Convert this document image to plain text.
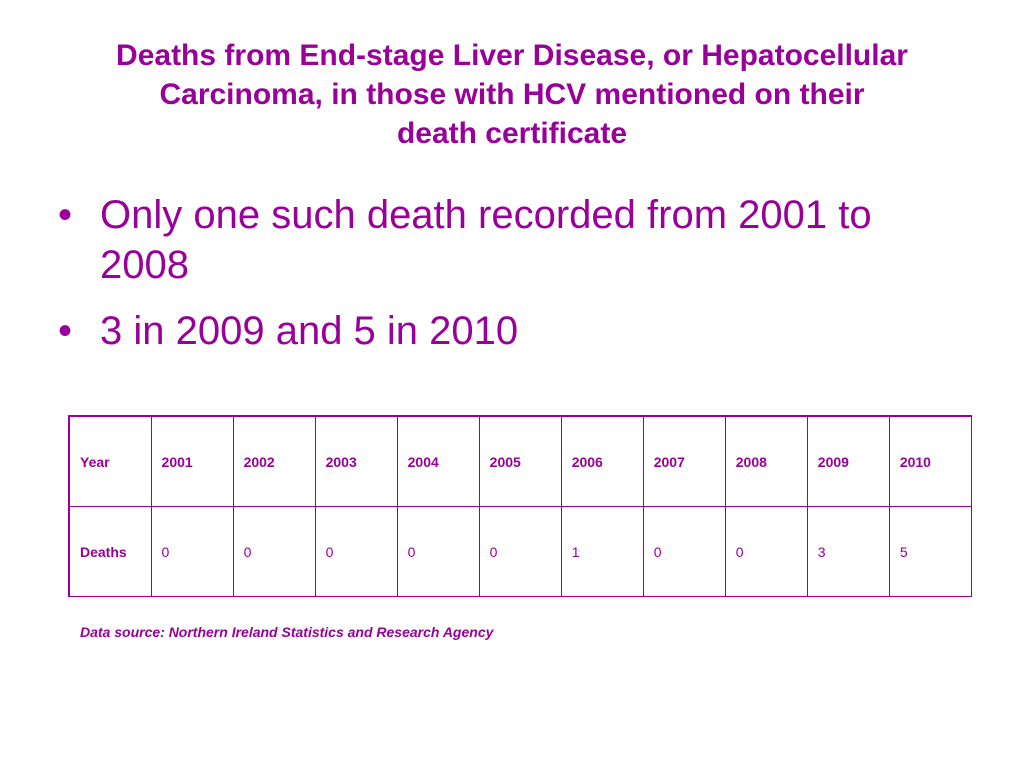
Deaths from End-stage Liver Disease, or Hepatocellular
Carcinoma, in those with HCV mentioned on their
death certificate
• Only one such death recorded from 2001 to 2008
• 3 in 2009 and 5 in 2010
Year	2001	2002	2003	2004	2005	2006	2007	2008	2009	2010
Deaths	0	0	0	0	0	1	0	0	3	5
Data source: Northern Ireland Statistics and Research Agency
